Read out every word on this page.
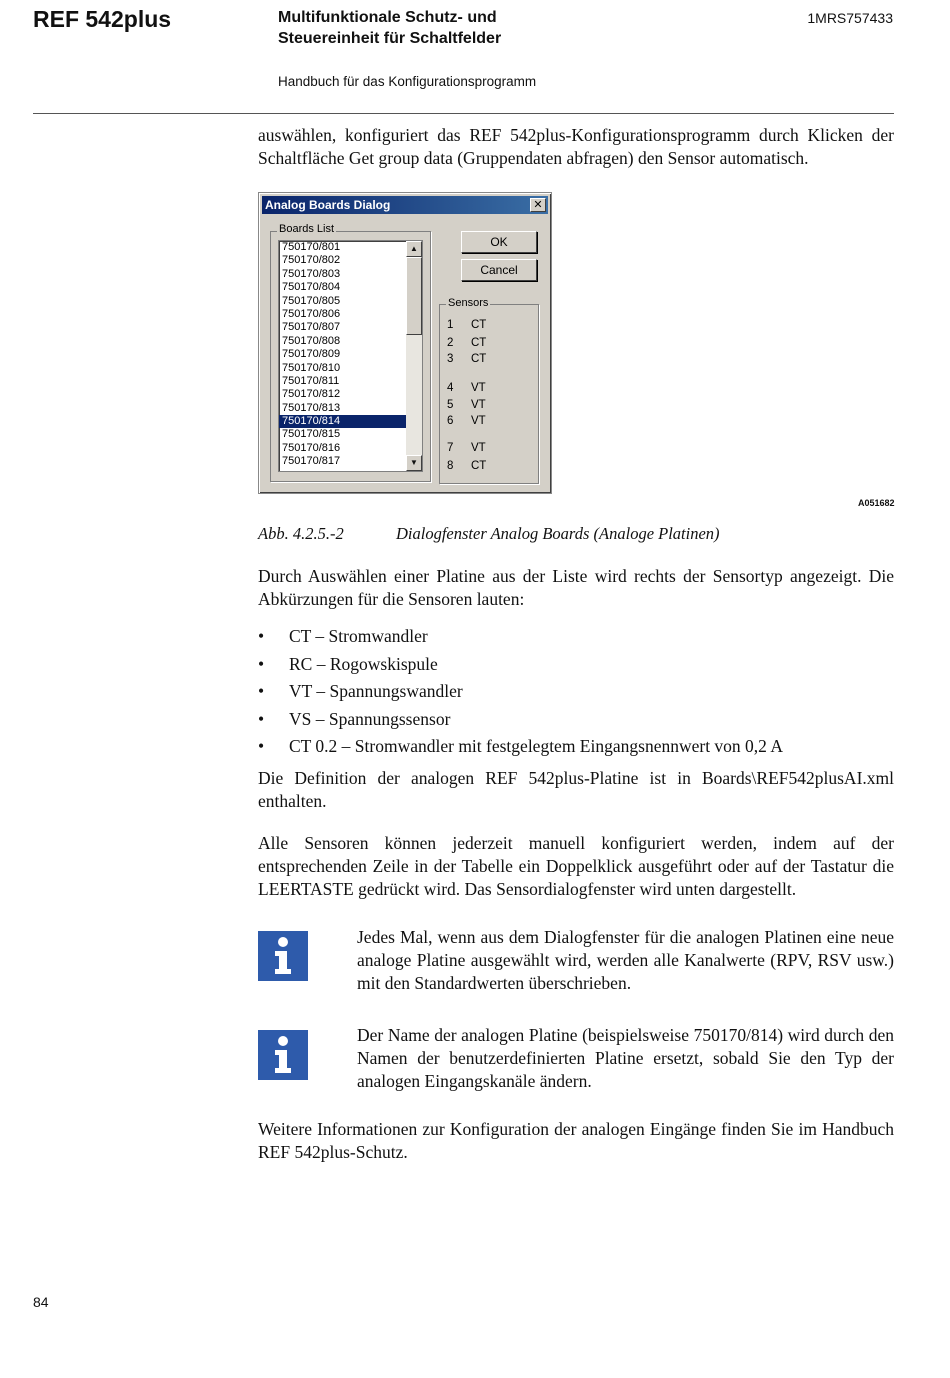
REF 542plus	Multifunktionale Schutz- und
Steuereinheit für Schaltfelder
1MRS757433
Handbuch für das Konfigurationsprogramm
auswählen, konfiguriert das REF 542plus-Konfigurationsprogramm durch Klicken der Schaltfläche Get group data (Gruppendaten abfragen) den Sensor automatisch.
Analog Boards Dialog	✕
Boards List
750170/801
750170/802
750170/803
750170/804
750170/805
750170/806
750170/807
750170/808
750170/809
750170/810
750170/811
750170/812
750170/813
750170/814
750170/815
750170/816
750170/817
▲
▼
OK
Cancel
Sensors
1 CT
2 CT
3 CT
4 VT
5 VT
6 VT
7 VT
8 CT
A051682
Abb. 4.2.5.-2	Dialogfenster Analog Boards (Analoge Platinen)
Durch Auswählen einer Platine aus der Liste wird rechts der Sensortyp angezeigt. Die Abkürzungen für die Sensoren lauten:
• CT – Stromwandler
• RC – Rogowskispule
• VT – Spannungswandler
• VS – Spannungssensor
• CT 0.2 – Stromwandler mit festgelegtem Eingangsnennwert von 0,2 A
Die Definition der analogen REF 542plus-Platine ist in Boards\REF542plusAI.xml enthalten.
Alle Sensoren können jederzeit manuell konfiguriert werden, indem auf der entsprechenden Zeile in der Tabelle ein Doppelklick ausgeführt oder auf der Tastatur die LEERTASTE gedrückt wird. Das Sensordialogfenster wird unten dargestellt.
Jedes Mal, wenn aus dem Dialogfenster für die analogen Platinen eine neue analoge Platine ausgewählt wird, werden alle Kanalwerte (RPV, RSV usw.) mit den Standardwerten überschrieben.
Der Name der analogen Platine (beispielsweise 750170/814) wird durch den Namen der benutzerdefinierten Platine ersetzt, sobald Sie den Typ der analogen Eingangskanäle ändern.
Weitere Informationen zur Konfiguration der analogen Eingänge finden Sie im Handbuch REF 542plus-Schutz.
84
